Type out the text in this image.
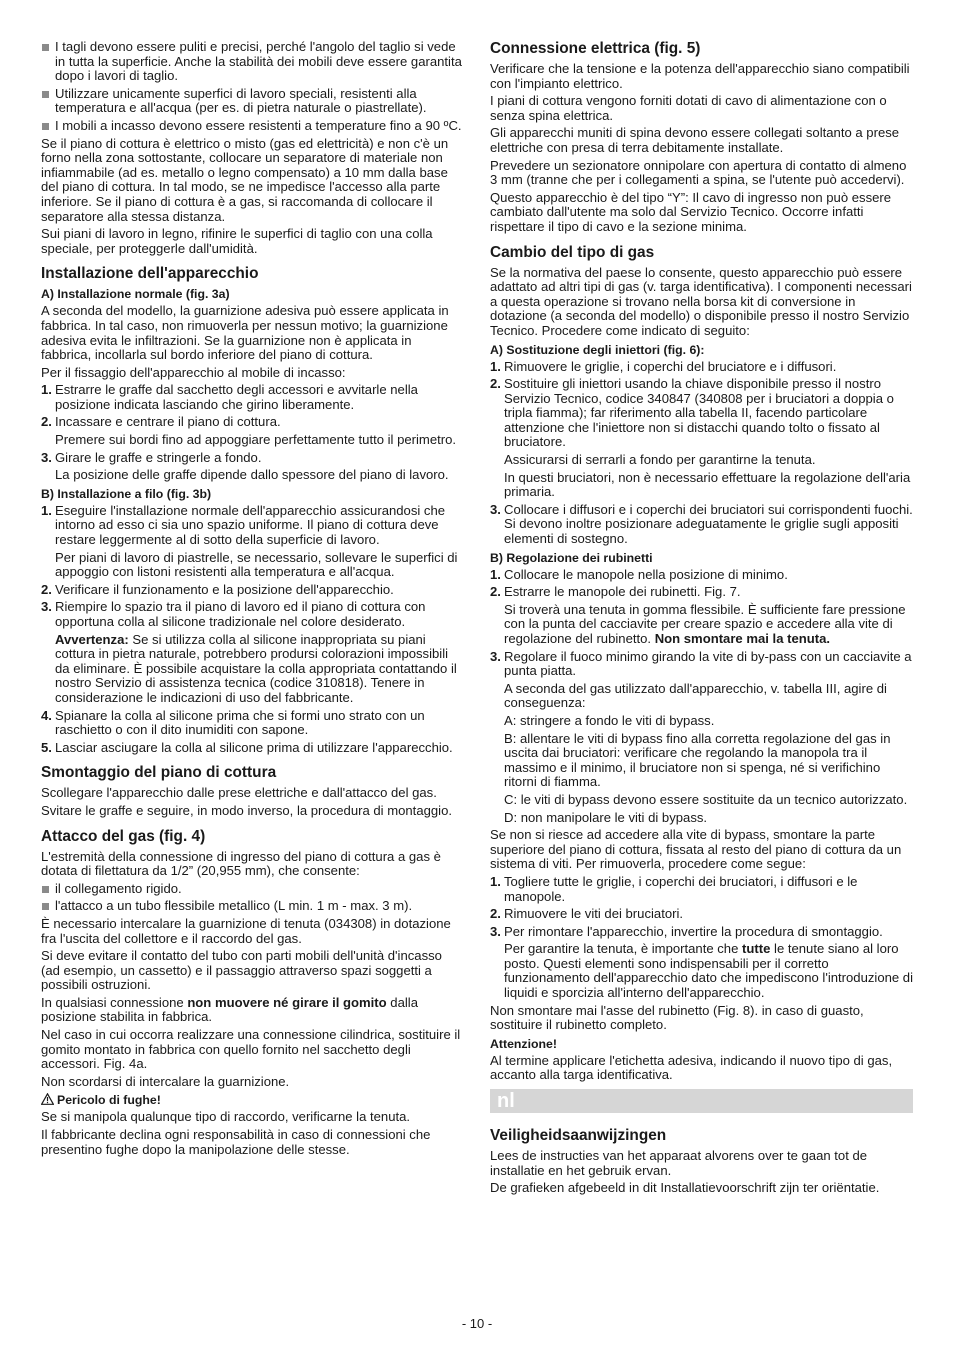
I tagli devono essere puliti e precisi, perché l'angolo del taglio si vede in tutta la superficie. Anche la stabilità dei mobili deve essere garantita dopo i lavori di taglio.

Utilizzare unicamente superfici di lavoro speciali, resistenti alla temperatura e all'acqua (per es. di pietra naturale o piastrellate).

I mobili a incasso devono essere resistenti a temperature fino a 90 ºC.

Se il piano di cottura è elettrico o misto (gas ed elettricità) e non c'è un forno nella zona sottostante, collocare un separatore di materiale non infiammabile (ad es. metallo o legno compensato) a 10 mm dalla base del piano di cottura. In tal modo, se ne impedisce l'accesso alla parte inferiore. Se il piano di cottura è a gas, si raccomanda di collocare il separatore alla stessa distanza.

Sui piani di lavoro in legno, rifinire le superfici di taglio con una colla speciale, per proteggerle dall'umidità.

Installazione dell'apparecchio
A) Installazione normale (fig. 3a)

A seconda del modello, la guarnizione adesiva può essere applicata in fabbrica. In tal caso, non rimuoverla per nessun motivo; la guarnizione adesiva evita le infiltrazioni. Se la guarnizione non è applicata in fabbrica, incollarla sul bordo inferiore del piano di cottura.

Per il fissaggio dell'apparecchio al mobile di incasso:

1. Estrarre le graffe dal sacchetto degli accessori e avvitarle nella posizione indicata lasciando che girino liberamente.

2. Incassare e centrare il piano di cottura.

Premere sui bordi fino ad appoggiare perfettamente tutto il perimetro.

3. Girare le graffe e stringerle a fondo.

La posizione delle graffe dipende dallo spessore del piano di lavoro.

B) Installazione a filo (fig. 3b)

1. Eseguire l'installazione normale dell'apparecchio assicurandosi che intorno ad esso ci sia uno spazio uniforme. Il piano di cottura deve restare leggermente al di sotto della superficie di lavoro.

Per piani di lavoro di piastrelle, se necessario, sollevare le superfici di appoggio con listoni resistenti alla temperatura e all'acqua.

2. Verificare il funzionamento e la posizione dell'apparecchio.

3. Riempire lo spazio tra il piano di lavoro ed il piano di cottura con opportuna colla al silicone tradizionale nel colore desiderato.

Avvertenza: Se si utilizza colla al silicone inappropriata su piani cottura in pietra naturale, potrebbero prodursi colorazioni impossibili da eliminare. È possibile acquistare la colla appropriata contattando il nostro Servizio di assistenza tecnica (codice 310818). Tenere in considerazione le indicazioni di uso del fabbricante.

4. Spianare la colla al silicone prima che si formi uno strato con un raschietto o con il dito inumiditi con sapone.

5. Lasciar asciugare la colla al silicone prima di utilizzare l'apparecchio.

Smontaggio del piano di cottura

Scollegare l'apparecchio dalle prese elettriche e dall'attacco del gas.

Svitare le graffe e seguire, in modo inverso, la procedura di montaggio.

Attacco del gas (fig. 4)

L'estremità della connessione di ingresso del piano di cottura a gas è dotata di filettatura da 1/2” (20,955 mm), che consente:

il collegamento rigido.

l'attacco a un tubo flessibile metallico (L min. 1 m - max. 3 m).

È necessario intercalare la guarnizione di tenuta (034308) in dotazione fra l'uscita del collettore e il raccordo del gas.

Si deve evitare il contatto del tubo con parti mobili dell'unità d'incasso (ad esempio, un cassetto) e il passaggio attraverso spazi soggetti a possibili ostruzioni.

In qualsiasi connessione non muovere né girare il gomito dalla posizione stabilita in fabbrica.

Nel caso in cui occorra realizzare una connessione cilindrica, sostituire il gomito montato in fabbrica con quello fornito nel sacchetto degli accessori. Fig. 4a.

Non scordarsi di intercalare la guarnizione.

Pericolo di fughe!

Se si manipola qualunque tipo di raccordo, verificarne la tenuta.

Il fabbricante declina ogni responsabilità in caso di connessioni che presentino fughe dopo la manipolazione delle stesse.

Connessione elettrica (fig. 5)

Verificare che la tensione e la potenza dell'apparecchio siano compatibili con l'impianto elettrico.

I piani di cottura vengono forniti dotati di cavo di alimentazione con o senza spina elettrica.

Gli apparecchi muniti di spina devono essere collegati soltanto a prese elettriche con presa di terra debitamente installate.

Prevedere un sezionatore onnipolare con apertura di contatto di almeno 3 mm (tranne che per i collegamenti a spina, se l'utente può accedervi).

Questo apparecchio è del tipo “Y”: Il cavo di ingresso non può essere cambiato dall'utente ma solo dal Servizio Tecnico. Occorre infatti rispettare il tipo di cavo e la sezione minima.

Cambio del tipo di gas

Se la normativa del paese lo consente, questo apparecchio può essere adattato ad altri tipi di gas (v. targa identificativa). I componenti necessari a questa operazione si trovano nella borsa kit di conversione in dotazione (a seconda del modello) o disponibile presso il nostro Servizio Tecnico. Procedere come indicato di seguito:

A) Sostituzione degli iniettori (fig. 6):

1. Rimuovere le griglie, i coperchi del bruciatore e i diffusori.

2. Sostituire gli iniettori usando la chiave disponibile presso il nostro Servizio Tecnico, codice 340847 (340808 per i bruciatori a doppia o tripla fiamma); far riferimento alla tabella II, facendo particolare attenzione che l'iniettore non si distacchi quando tolto o fissato al bruciatore.

Assicurarsi di serrarli a fondo per garantirne la tenuta.

In questi bruciatori, non è necessario effettuare la regolazione dell'aria primaria.

3. Collocare i diffusori e i coperchi dei bruciatori sui corrispondenti fuochi. Si devono inoltre posizionare adeguatamente le griglie sugli appositi elementi di sostegno.

B) Regolazione dei rubinetti

1. Collocare le manopole nella posizione di minimo.

2. Estrarre le manopole dei rubinetti. Fig. 7.

Si troverà una tenuta in gomma flessibile. È sufficiente fare pressione con la punta del cacciavite per creare spazio e accedere alla vite di regolazione del rubinetto. Non smontare mai la tenuta.

3. Regolare il fuoco minimo girando la vite di by-pass con un cacciavite a punta piatta.

A seconda del gas utilizzato dall'apparecchio, v. tabella III, agire di conseguenza:

A: stringere a fondo le viti di bypass.

B: allentare le viti di bypass fino alla corretta regolazione del gas in uscita dai bruciatori: verificare che regolando la manopola tra il massimo e il minimo, il bruciatore non si spenga, né si verifichino ritorni di fiamma.

C: le viti di bypass devono essere sostituite da un tecnico autorizzato.

D: non manipolare le viti di bypass.

Se non si riesce ad accedere alla vite di bypass, smontare la parte superiore del piano di cottura, fissata al resto del piano di cottura da un sistema di viti. Per rimuoverla, procedere come segue:

1. Togliere tutte le griglie, i coperchi dei bruciatori, i diffusori e le manopole.

2. Rimuovere le viti dei bruciatori.

3. Per rimontare l'apparecchio, invertire la procedura di smontaggio.

Per garantire la tenuta, è importante che tutte le tenute siano al loro posto. Questi elementi sono indispensabili per il corretto funzionamento dell'apparecchio dato che impediscono l'introduzione di liquidi e sporcizia all'interno dell'apparecchio.

Non smontare mai l'asse del rubinetto (Fig. 8). in caso di guasto, sostituire il rubinetto completo.

Attenzione!

Al termine applicare l'etichetta adesiva, indicando il nuovo tipo di gas, accanto alla targa identificativa.

nl
Veiligheidsaanwijzingen

Lees de instructies van het apparaat alvorens over te gaan tot de installatie en het gebruik ervan.

De grafieken afgebeeld in dit Installatievoorschrift zijn ter oriëntatie.

- 10 -
